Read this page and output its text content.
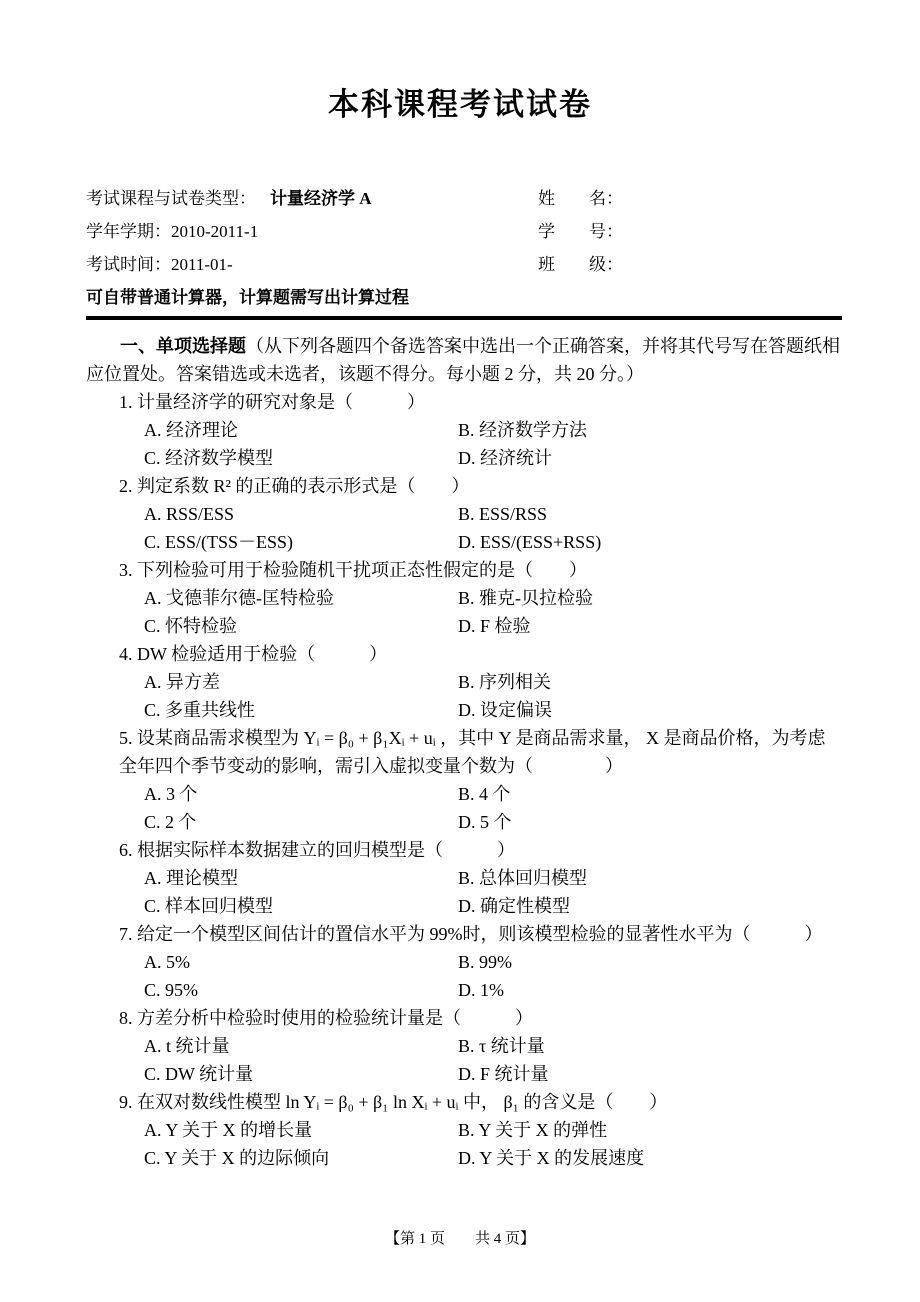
本科课程考试试卷
考试课程与试卷类型： 计量经济学 A	姓　　名：
学年学期：2010-2011-1	学　　号：
考试时间：2011-01-	班　　级：
可自带普通计算器，计算题需写出计算过程

一、单项选择题（从下列各题四个备选答案中选出一个正确答案，并将其代号写在答题纸相应位置处。答案错选或未选者，该题不得分。每小题 2 分，共 20 分。）

1. 计量经济学的研究对象是（　　　）

A. 经济理论	B. 经济数学方法
C. 经济数学模型	D. 经济统计

2. 判定系数 R² 的正确的表示形式是（　　）

A. RSS/ESS	B. ESS/RSS
C. ESS/(TSS－ESS)	D. ESS/(ESS+RSS)

3. 下列检验可用于检验随机干扰项正态性假定的是（　　）

A. 戈德菲尔德-匡特检验	B. 雅克-贝拉检验
C. 怀特检验	D. F 检验

4. DW 检验适用于检验（　　　）

A. 异方差	B. 序列相关
C. 多重共线性	D. 设定偏误

5. 设某商品需求模型为 Yᵢ = β₀ + β₁Xᵢ + uᵢ ，其中 Y 是商品需求量， X 是商品价格，为考虑全年四个季节变动的影响，需引入虚拟变量个数为（　　　　）

A. 3 个	B. 4 个
C. 2 个	D. 5 个

6. 根据实际样本数据建立的回归模型是（　　　）

A. 理论模型	B. 总体回归模型
C. 样本回归模型	D. 确定性模型

7. 给定一个模型区间估计的置信水平为 99%时，则该模型检验的显著性水平为（　　　）

A. 5%	B. 99%
C. 95%	D. 1%

8. 方差分析中检验时使用的检验统计量是（　　　）

A. t 统计量	B. τ 统计量
C. DW 统计量	D. F 统计量

9. 在双对数线性模型 ln Yᵢ = β₀ + β₁ ln Xᵢ + uᵢ 中， β₁ 的含义是（　　）

A. Y 关于 X 的增长量	B. Y 关于 X 的弹性
C. Y 关于 X 的边际倾向	D. Y 关于 X 的发展速度
【第 1 页　　共 4 页】
